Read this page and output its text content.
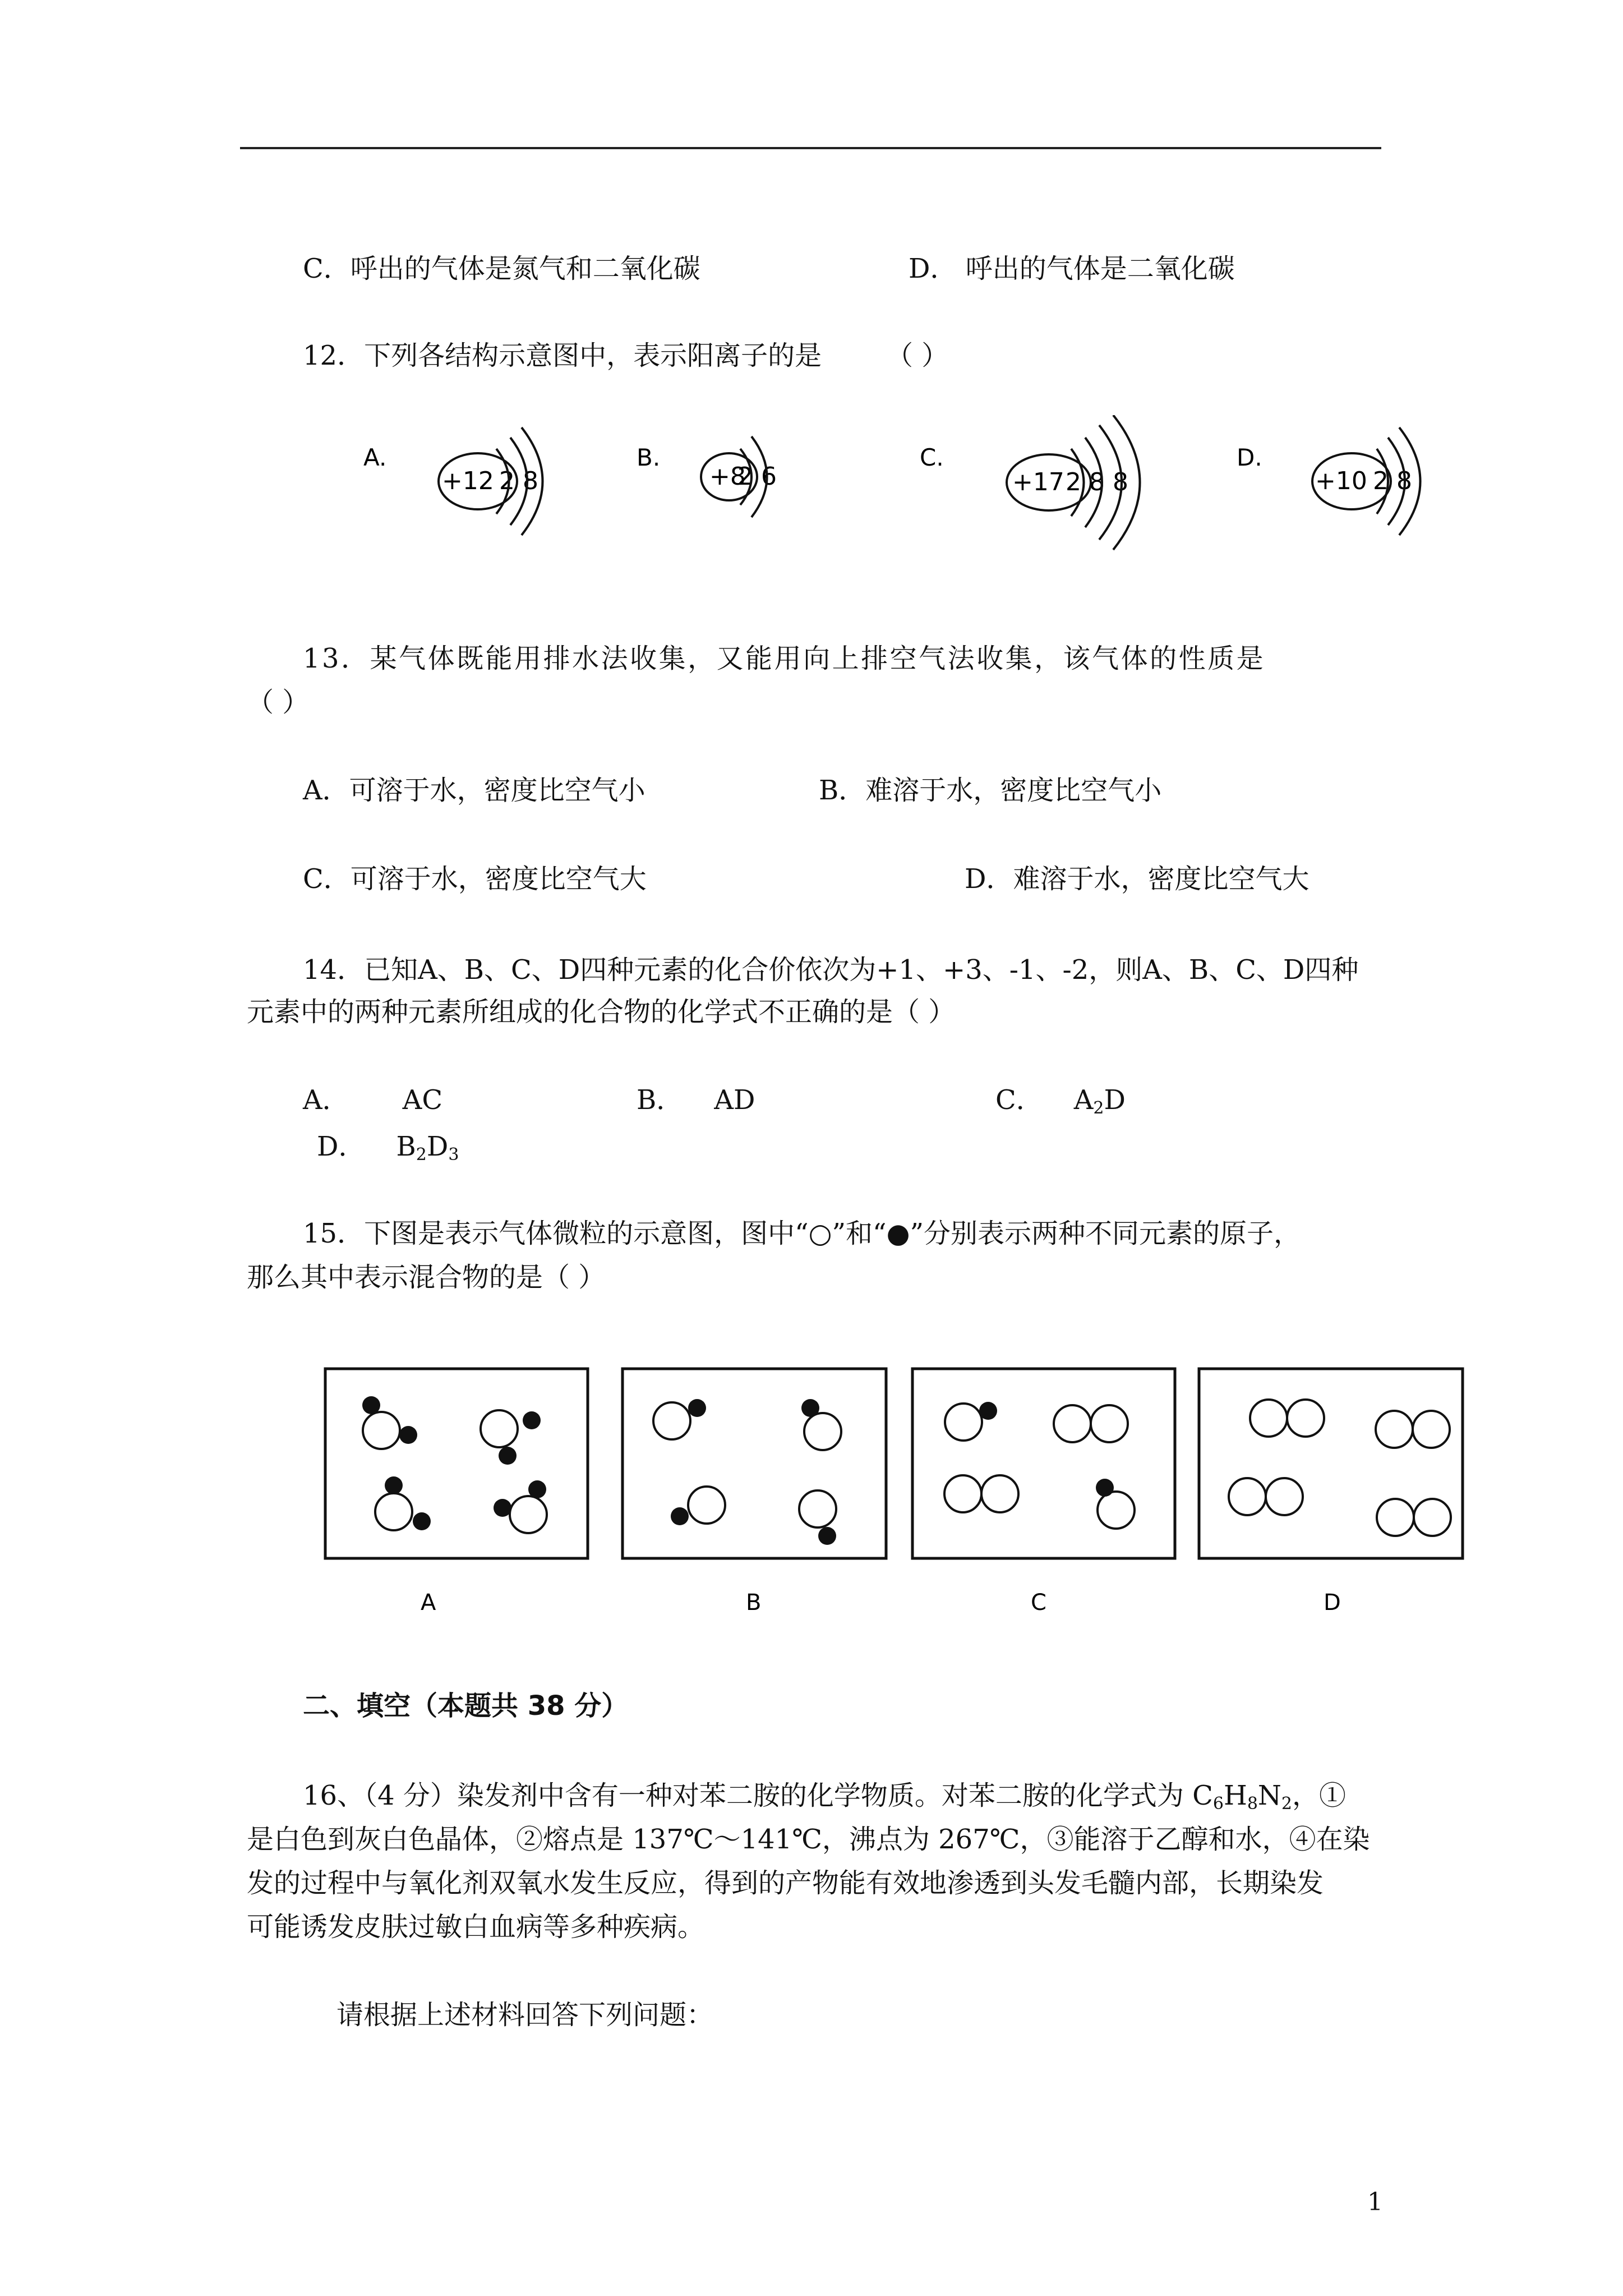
C．呼出的气体是氮气和二氧化碳	D． 呼出的气体是二氧化碳
12．下列各结构示意图中，表示阳离子的是 （ ）
A.
+12 2 8
B.
+8
2 6
C.
+17 2 8 8
D.
+10 2 8
13．某气体既能用排水法收集，又能用向上排空气法收集，该气体的性质是
（ ）
A．可溶于水，密度比空气小	B．难溶于水，密度比空气小
C．可溶于水，密度比空气大	D．难溶于水，密度比空气大
14．已知A、B、C、D四种元素的化合价依次为+1、+3、-1、-2，则A、B、C、D四种
元素中的两种元素所组成的化合物的化学式不正确的是（ ）
A． AC	B． AD	C． $A_2D$
D． $B_2D_3$
15．下图是表示气体微粒的示意图，图中“○”和“●”分别表示两种不同元素的原子，
那么其中表示混合物的是（ ）
A	B	C	D
二、填空（本题共 38 分）
16、（4 分）染发剂中含有一种对苯二胺的化学物质。对苯二胺的化学式为 $C_6H_8N_2$，①
是白色到灰白色晶体，②熔点是 137℃～141℃，沸点为 267℃，③能溶于乙醇和水，④在染
发的过程中与氧化剂双氧水发生反应，得到的产物能有效地渗透到头发毛髓内部，长期染发
可能诱发皮肤过敏白血病等多种疾病。
请根据上述材料回答下列问题：
1
